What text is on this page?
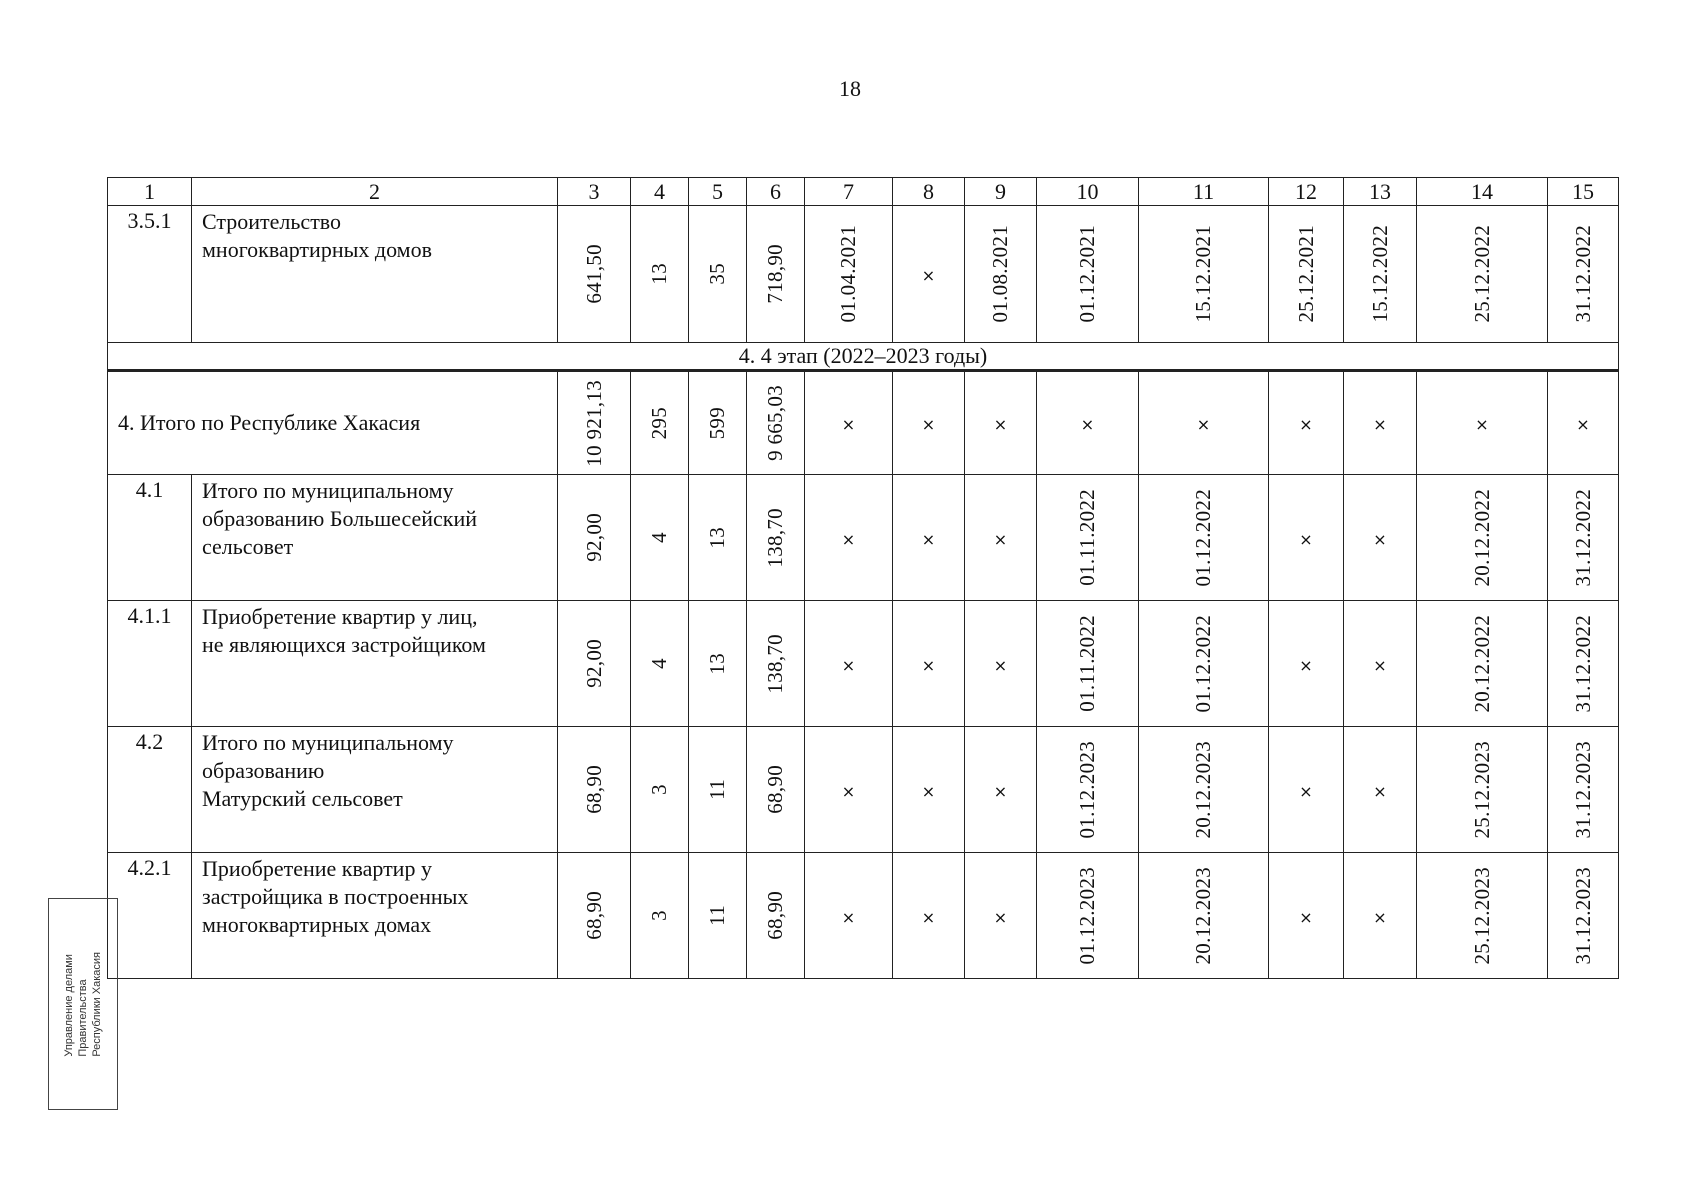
18
1	2	3	4	5	6	7	8	9	10	11	12	13	14	15
3.5.1	Строительство
многоквартирных домов	641,50	13	35	718,90	01.04.2021	×	01.08.2021	01.12.2021	15.12.2021	25.12.2021	15.12.2022	25.12.2022	31.12.2022

4. 4 этап (2022–2023 годы)														
4. Итого по Республике Хакасия		10 921,13	295	599	9 665,03	×	×	×	×	×	×	×	×	×
4.1	Итого по муниципальному
образованию Большесейский
сельсовет	92,00	4	13	138,70	×	×	×	01.11.2022	01.12.2022	×	×	20.12.2022	31.12.2022

4.1.1	Приобретение квартир у лиц,
не являющихся застройщиком	92,00	4	13	138,70	×	×	×	01.11.2022	01.12.2022	×	×	20.12.2022	31.12.2022

4.2	Итого по муниципальному
образованию
Матурский сельсовет	68,90	3	11	68,90	×	×	×	01.12.2023	20.12.2023	×	×	25.12.2023	31.12.2023

4.2.1	Приобретение квартир у
застройщика в построенных
многоквартирных домах	68,90	3	11	68,90	×	×	×	01.12.2023	20.12.2023	×	×	25.12.2023	31.12.2023
Управление делами Правительства Республики Хакасия
